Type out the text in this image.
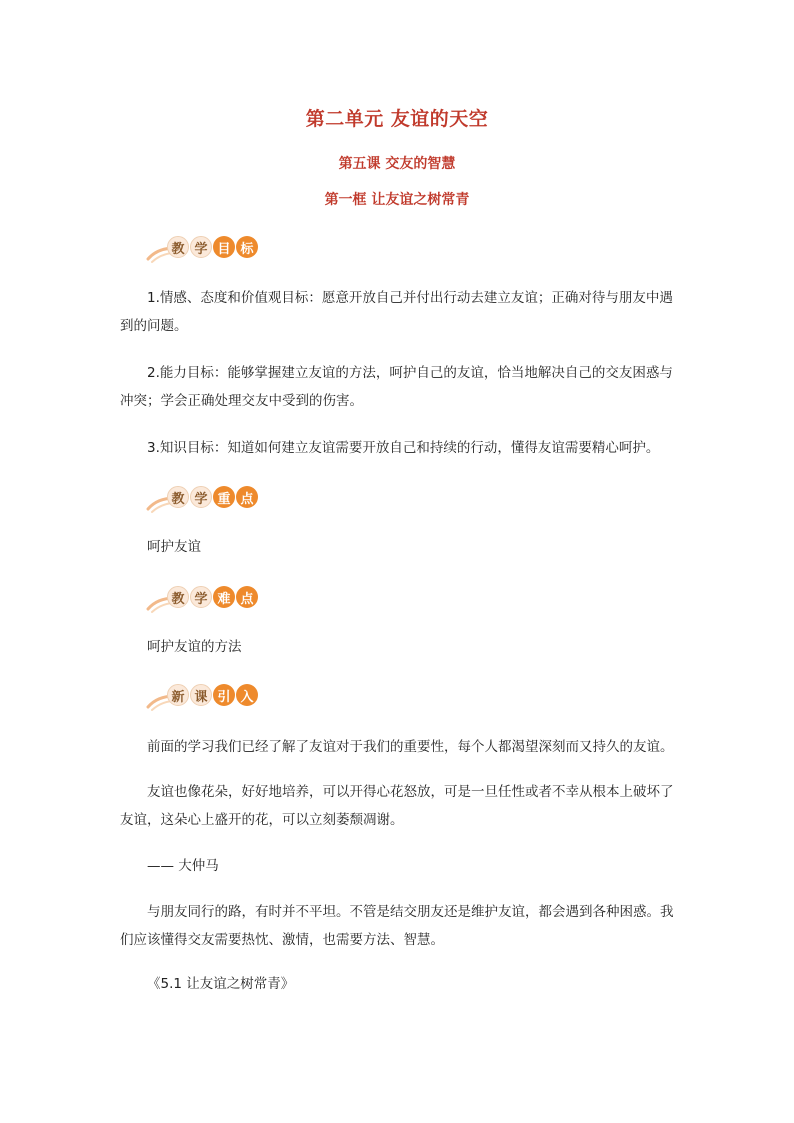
第二单元 友谊的天空
第五课 交友的智慧
第一框 让友谊之树常青
教 学 目 标

1.情感、态度和价值观目标：愿意开放自己并付出行动去建立友谊；正确对待与朋友中遇到的问题。

2.能力目标：能够掌握建立友谊的方法，呵护自己的友谊，恰当地解决自己的交友困惑与冲突；学会正确处理交友中受到的伤害。

3.知识目标：知道如何建立友谊需要开放自己和持续的行动，懂得友谊需要精心呵护。

教 学 重 点

呵护友谊

教 学 难 点

呵护友谊的方法

新 课 引 入

前面的学习我们已经了解了友谊对于我们的重要性，每个人都渴望深刻而又持久的友谊。

友谊也像花朵，好好地培养，可以开得心花怒放，可是一旦任性或者不幸从根本上破坏了友谊，这朵心上盛开的花，可以立刻萎颓凋谢。

—— 大仲马

与朋友同行的路，有时并不平坦。不管是结交朋友还是维护友谊，都会遇到各种困惑。我们应该懂得交友需要热忱、激情，也需要方法、智慧。

《5.1 让友谊之树常青》
